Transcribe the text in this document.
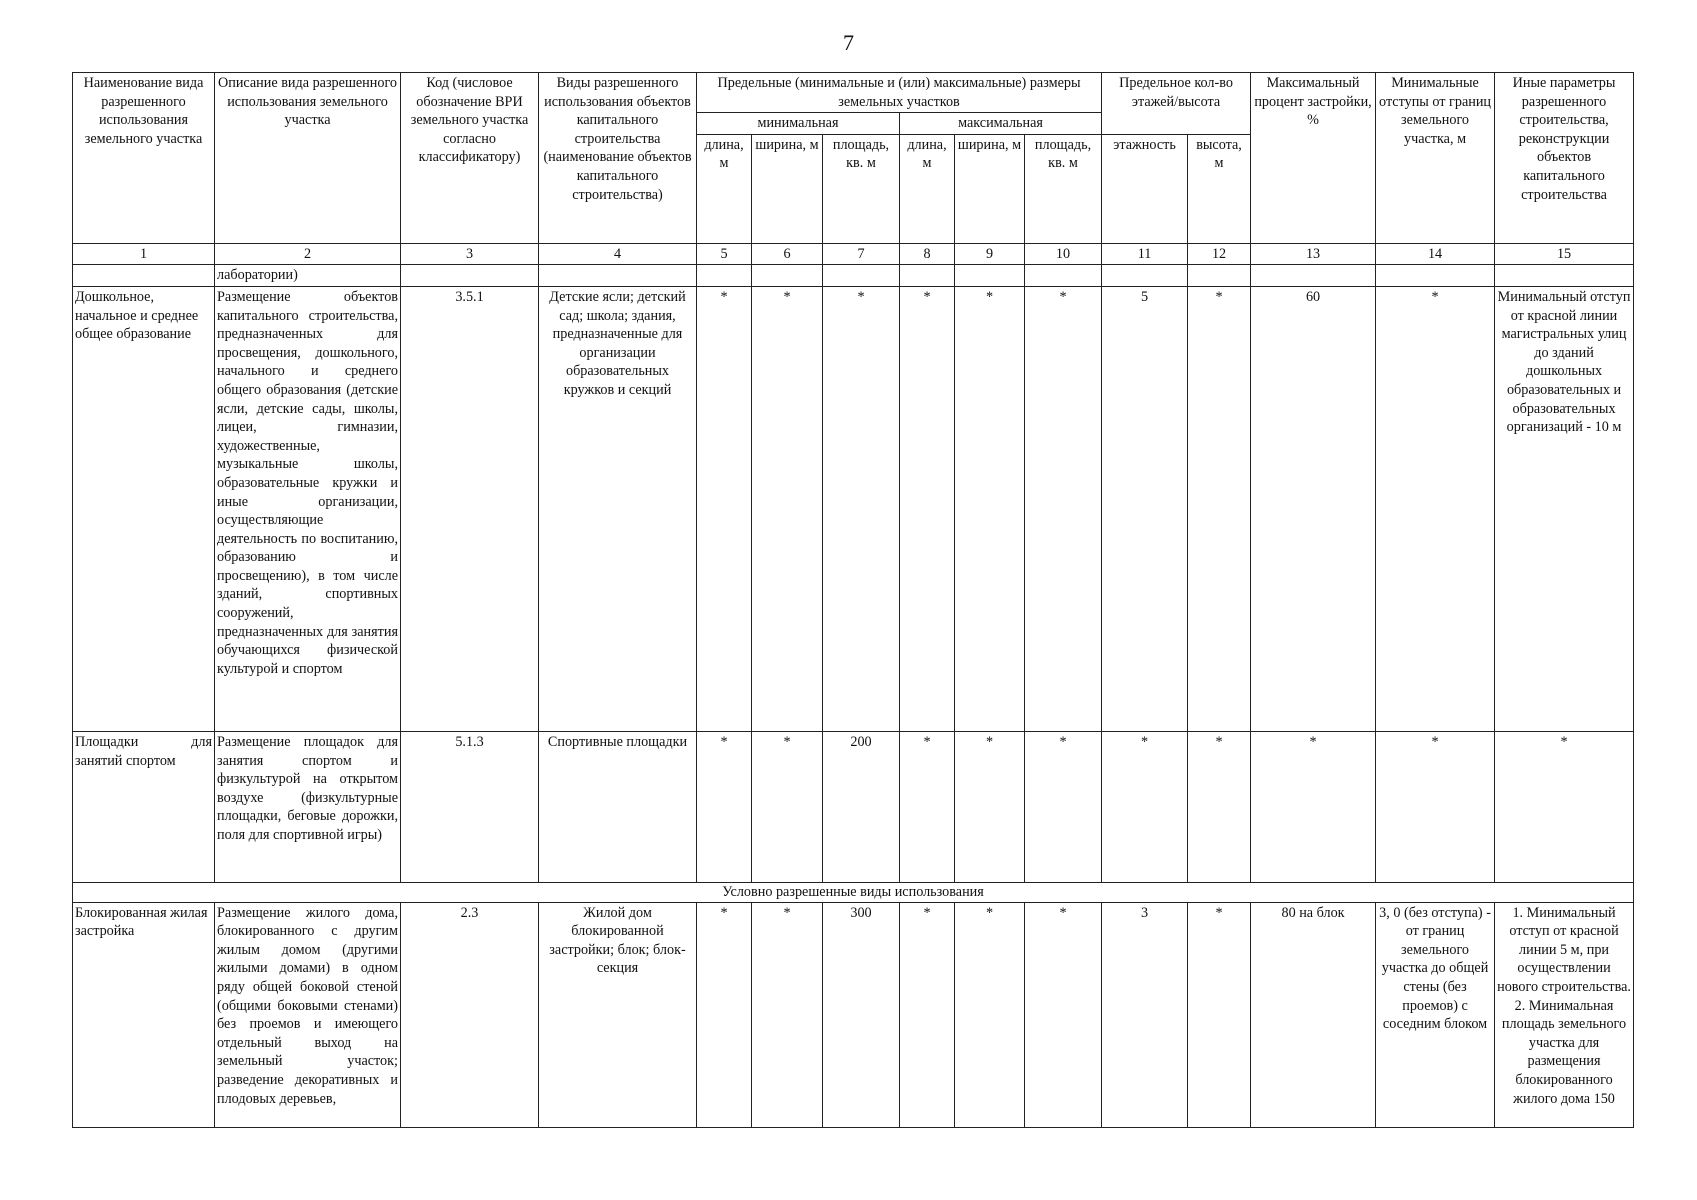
7
Наименование вида разрешенного использования земельного участка	Описание вида разрешенного использования земельного участка	Код (числовое обозначение ВРИ земельного участка согласно классификатору)	Виды разрешенного использования объектов капитального строительства (наименование объектов капитального строительства)	Предельные (минимальные и (или) максимальные) размеры земельных участков						Предельное кол-во этажей/высота		Максимальный процент застройки, %	Минимальные отступы от границ земельного участка, м	Иные параметры разрешенного строительства, реконструкции объектов капитального строительства
				минимальная			максимальная							
				длина, м	ширина, м	площадь, кв. м	длина, м	ширина, м	площадь, кв. м	этажность	высота, м			
1	2	3	4	5	6	7	8	9	10	11	12	13	14	15
	лаборатории)													
Дошкольное, начальное и среднее общее образование	Размещение объектов капитального строительства, предназначенных для просвещения, дошкольного, начального и среднего общего образования (детские ясли, детские сады, школы, лицеи, гимназии, художественные, музыкальные школы, образовательные кружки и иные организации, осуществляющие деятельность по воспитанию, образованию и просвещению), в том числе зданий, спортивных сооружений, предназначенных для занятия обучающихся физической культурой и спортом	3.5.1	Детские ясли; детский сад; школа; здания, предназначенные для организации образовательных кружков и секций	*	*	*	*	*	*	5	*	60	*	Минимальный отступ от красной линии магистральных улиц до зданий дошкольных образовательных и образовательных организаций - 10 м
Площадки для занятий спортом	Размещение площадок для занятия спортом и физкультурой на открытом воздухе (физкультурные площадки, беговые дорожки, поля для спортивной игры)	5.1.3	Спортивные площадки	*	*	200	*	*	*	*	*	*	*	*
Условно разрешенные виды использования														
Блокированная жилая застройка	Размещение жилого дома, блокированного с другим жилым домом (другими жилыми домами) в одном ряду общей боковой стеной (общими боковыми стенами) без проемов и имеющего отдельный выход на земельный участок; разведение декоративных и плодовых деревьев,	2.3	Жилой дом блокированной застройки; блок; блок-секция	*	*	300	*	*	*	3	*	80 на блок	3, 0 (без отступа) - от границ земельного участка до общей стены (без проемов) с соседним блоком	1. Минимальный отступ от красной линии 5 м, при осуществлении нового строительства. 2. Минимальная площадь земельного участка для размещения блокированного жилого дома 150
